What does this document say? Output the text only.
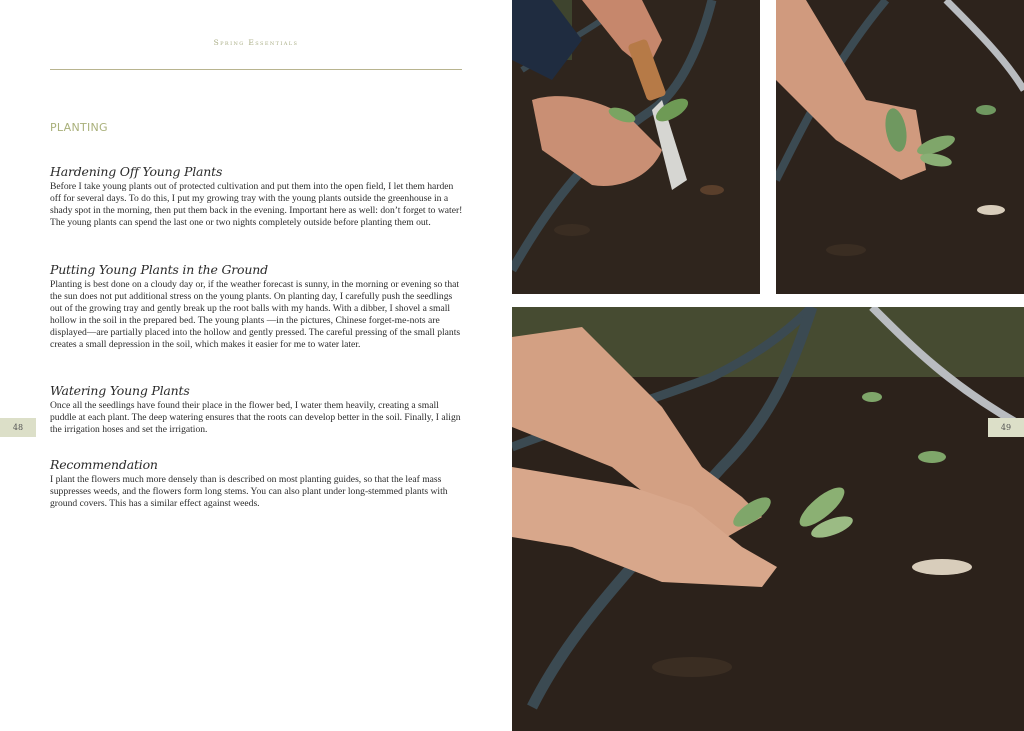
Spring Essentials
PLANTING
Hardening Off Young Plants

Before I take young plants out of protected cultivation and put them into the open field, I let them harden off for several days. To do this, I put my growing tray with the young plants outside the greenhouse in a shady spot in the morning, then put them back in the evening. Important here as well: don’t forget to water! The young plants can spend the last one or two nights completely outside before planting them out.

Putting Young Plants in the Ground

Planting is best done on a cloudy day or, if the weather forecast is sunny, in the morning or evening so that the sun does not put additional stress on the young plants. On planting day, I carefully push the seedlings out of the growing tray and gently break up the root balls with my hands. With a dibber, I shovel a small hollow in the soil in the prepared bed. The young plants —in the pictures, Chinese forget-me-nots are displayed—are partially placed into the hollow and gently pressed. The careful pressing of the small plants creates a small depression in the soil, which makes it easier for me to water later.

Watering Young Plants

Once all the seedlings have found their place in the flower bed, I water them heavily, creating a small puddle at each plant. The deep watering ensures that the roots can develop better in the soil. Finally, I align the irrigation hoses and set the irrigation.

Recommendation

I plant the flowers much more densely than is described on most planting guides, so that the leaf mass suppresses weeds, and the flowers form long stems. You can also plant under long-stemmed plants with ground covers. This has a similar effect against weeds.

48	49
